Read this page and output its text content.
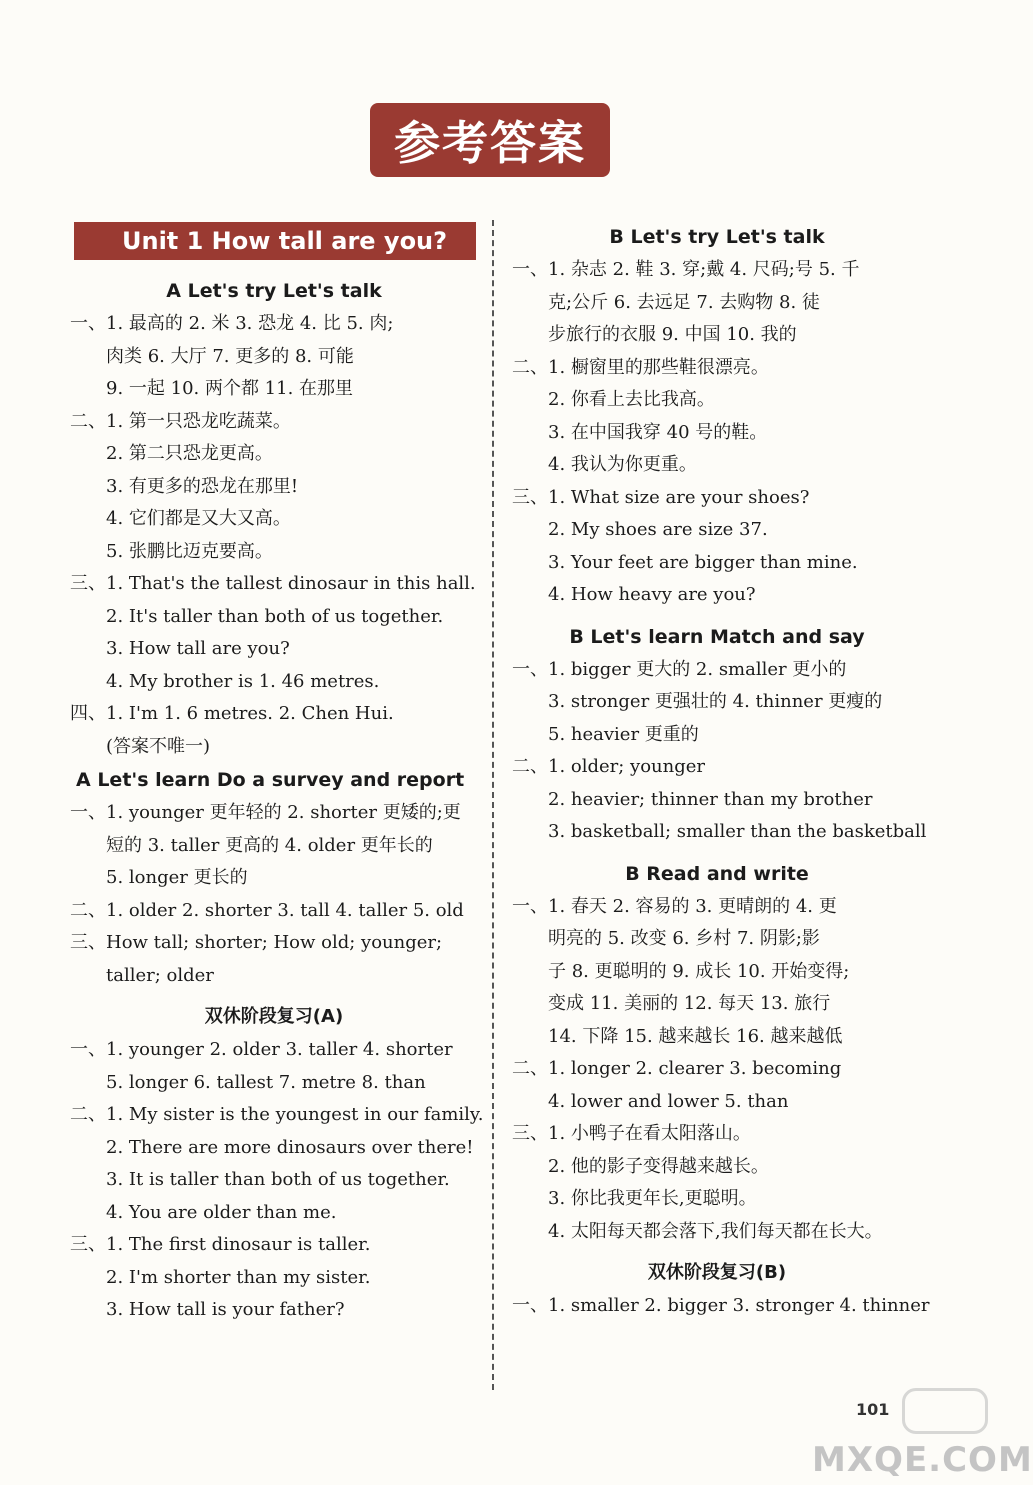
参考答案
Unit 1 How tall are you?
A Let's try Let's talk
一、1. 最高的 2. 米 3. 恐龙 4. 比 5. 肉;
肉类 6. 大厅 7. 更多的 8. 可能
9. 一起 10. 两个都 11. 在那里
二、1. 第一只恐龙吃蔬菜。
2. 第二只恐龙更高。
3. 有更多的恐龙在那里!
4. 它们都是又大又高。
5. 张鹏比迈克要高。
三、1. That's the tallest dinosaur in this hall.
2. It's taller than both of us together.
3. How tall are you?
4. My brother is 1. 46 metres.
四、1. I'm 1. 6 metres. 2. Chen Hui.
(答案不唯一)
A Let's learn Do a survey and report
一、1. younger 更年轻的 2. shorter 更矮的;更
短的 3. taller 更高的 4. older 更年长的
5. longer 更长的
二、1. older 2. shorter 3. tall 4. taller 5. old
三、How tall; shorter; How old; younger;
taller; older
双休阶段复习(A)
一、1. younger 2. older 3. taller 4. shorter
5. longer 6. tallest 7. metre 8. than
二、1. My sister is the youngest in our family.
2. There are more dinosaurs over there!
3. It is taller than both of us together.
4. You are older than me.
三、1. The first dinosaur is taller.
2. I'm shorter than my sister.
3. How tall is your father?
B Let's try Let's talk
一、1. 杂志 2. 鞋 3. 穿;戴 4. 尺码;号 5. 千
克;公斤 6. 去远足 7. 去购物 8. 徒
步旅行的衣服 9. 中国 10. 我的
二、1. 橱窗里的那些鞋很漂亮。
2. 你看上去比我高。
3. 在中国我穿 40 号的鞋。
4. 我认为你更重。
三、1. What size are your shoes?
2. My shoes are size 37.
3. Your feet are bigger than mine.
4. How heavy are you?
B Let's learn Match and say
一、1. bigger 更大的 2. smaller 更小的
3. stronger 更强壮的 4. thinner 更瘦的
5. heavier 更重的
二、1. older; younger
2. heavier; thinner than my brother
3. basketball; smaller than the basketball
B Read and write
一、1. 春天 2. 容易的 3. 更晴朗的 4. 更
明亮的 5. 改变 6. 乡村 7. 阴影;影
子 8. 更聪明的 9. 成长 10. 开始变得;
变成 11. 美丽的 12. 每天 13. 旅行
14. 下降 15. 越来越长 16. 越来越低
二、1. longer 2. clearer 3. becoming
4. lower and lower 5. than
三、1. 小鸭子在看太阳落山。
2. 他的影子变得越来越长。
3. 你比我更年长,更聪明。
4. 太阳每天都会落下,我们每天都在长大。
双休阶段复习(B)
一、1. smaller 2. bigger 3. stronger 4. thinner
101
MXQE.COM
